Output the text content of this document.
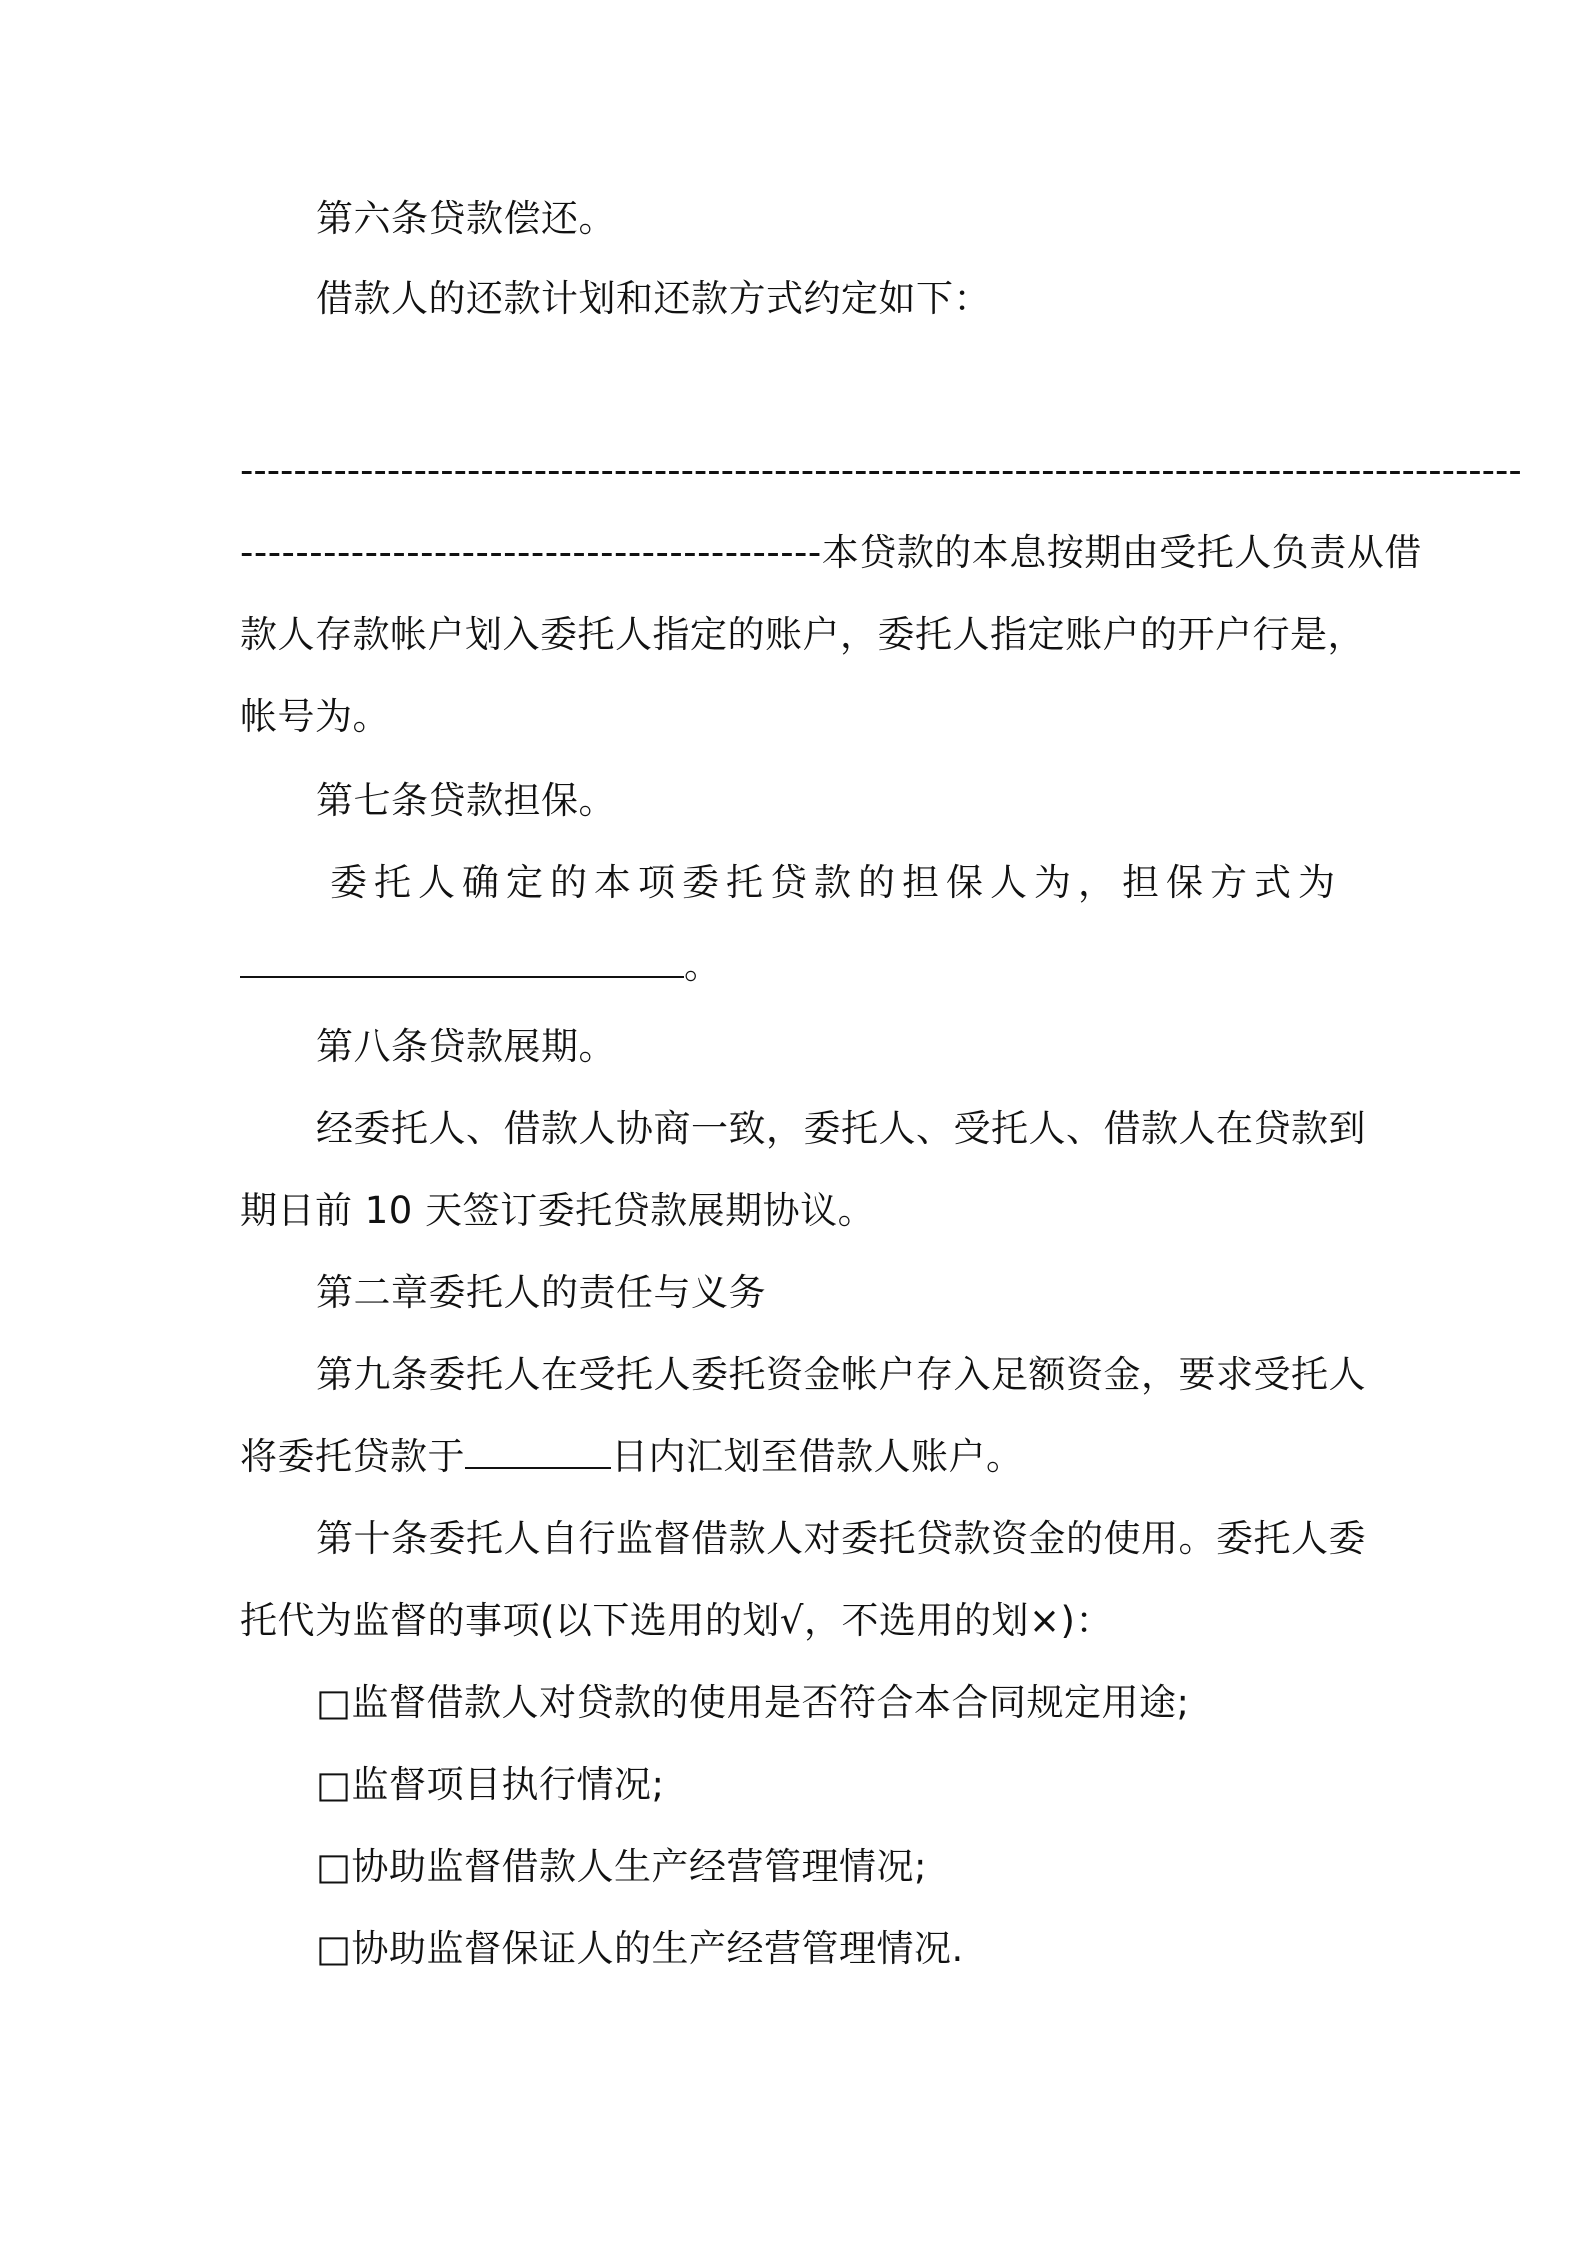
第六条贷款偿还。
借款人的还款计划和还款方式约定如下：
------------------------------------------------------------------------------------------------
------------------------------------------本贷款的本息按期由受托人负责从借
款人存款帐户划入委托人指定的账户，委托人指定账户的开户行是，
帐号为。
第七条贷款担保。
委托人确定的本项委托贷款的担保人为，担保方式为
。
第八条贷款展期。
经委托人、借款人协商一致，委托人、受托人、借款人在贷款到
期日前 10 天签订委托贷款展期协议。
第二章委托人的责任与义务
第九条委托人在受托人委托资金帐户存入足额资金，要求受托人
将委托贷款于	日内汇划至借款人账户。
第十条委托人自行监督借款人对委托贷款资金的使用。委托人委
托代为监督的事项(以下选用的划√，不选用的划×)：
□监督借款人对贷款的使用是否符合本合同规定用途;
□监督项目执行情况;
□协助监督借款人生产经营管理情况;
□协助监督保证人的生产经营管理情况.
